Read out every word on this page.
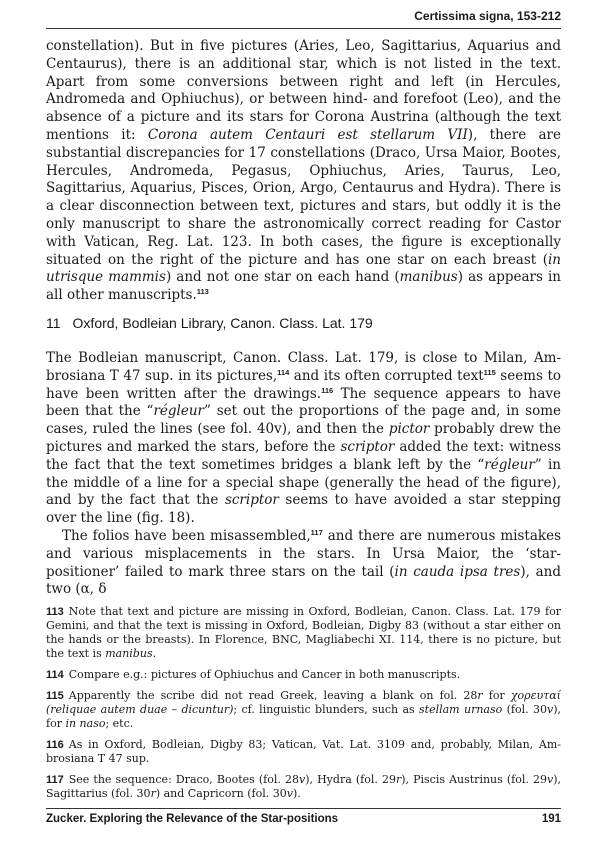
Certissima signa, 153-212

constellation). But in five pictures (Aries, Leo, Sagittarius, Aquarius and Centaurus), there is an additional star, which is not listed in the text. Apart from some conversions between right and left (in Hercules, Andromeda and Ophiuchus), or between hind- and forefoot (Leo), and the absence of a picture and its stars for Corona Austrina (although the text mentions it: Corona autem Centauri est stellarum VII), there are substantial discrepancies for 17 constellations (Draco, Ursa Maior, Bootes, Hercules, Andromeda, Pegasus, Ophiuchus, Aries, Taurus, Leo, Sagittarius, Aquarius, Pisces, Orion, Argo, Centaurus and Hydra). There is a clear disconnection between text, pictures and stars, but oddly it is the only manuscript to share the astronomically correct reading for Castor with Vatican, Reg. Lat. 123. In both cases, the figure is exceptionally situated on the right of the picture and has one star on each breast (in utrisque mammis) and not one star on each hand (manibus) as appears in all other manuscripts.$^{113}$

11 Oxford, Bodleian Library, Canon. Class. Lat. 179

The Bodleian manuscript, Canon. Class. Lat. 179, is close to Milan, Ambrosiana T 47 sup. in its pictures,$^{114}$ and its often corrupted text$^{115}$ seems to have been written after the drawings.$^{116}$ The sequence appears to have been that the “régleur” set out the proportions of the page and, in some cases, ruled the lines (see fol. 40v), and then the pictor probably drew the pictures and marked the stars, before the scriptor added the text: witness the fact that the text sometimes bridges a blank left by the “régleur” in the middle of a line for a special shape (generally the head of the figure), and by the fact that the scriptor seems to have avoided a star stepping over the line (fig. 18).

The folios have been misassembled,$^{117}$ and there are numerous mistakes and various misplacements in the stars. In Ursa Maior, the ‘star-positioner’ failed to mark three stars on the tail (in cauda ipsa tres), and two (α, δ

113 Note that text and picture are missing in Oxford, Bodleian, Canon. Class. Lat. 179 for Gemini, and that the text is missing in Oxford, Bodleian, Digby 83 (without a star either on the hands or the breasts). In Florence, BNC, Magliabechi XI. 114, there is no picture, but the text is manibus.

114 Compare e.g.: pictures of Ophiuchus and Cancer in both manuscripts.

115 Apparently the scribe did not read Greek, leaving a blank on fol. 28r for χορευταί (reliquae autem duae – dicuntur); cf. linguistic blunders, such as stellam urnaso (fol. 30v), for in naso; etc.

116 As in Oxford, Bodleian, Digby 83; Vatican, Vat. Lat. 3109 and, probably, Milan, Ambrosiana T 47 sup.

117 See the sequence: Draco, Bootes (fol. 28v), Hydra (fol. 29r), Piscis Austrinus (fol. 29v), Sagittarius (fol. 30r) and Capricorn (fol. 30v).

Zucker. Exploring the Relevance of the Star-positions	191
